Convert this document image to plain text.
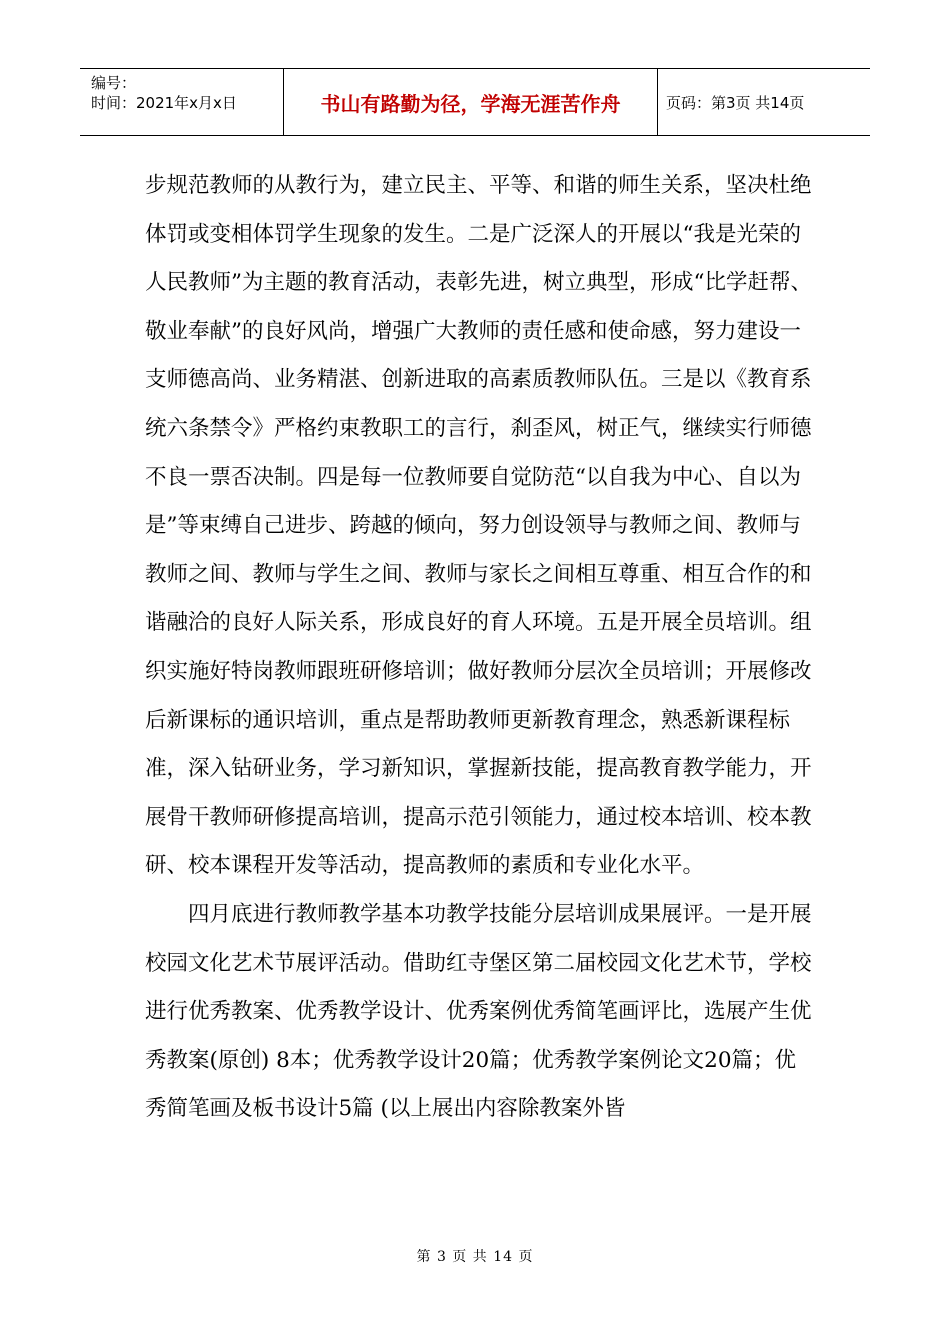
编号：
时间：2021年x月x日	书山有路勤为径，学海无涯苦作舟	页码：第3页 共14页

步规范教师的从教行为，建立民主、平等、和谐的师生关系，坚决杜绝体罚或变相体罚学生现象的发生。二是广泛深人的开展以“我是光荣的人民教师”为主题的教育活动，表彰先进，树立典型，形成“比学赶帮、敬业奉献”的良好风尚，增强广大教师的责任感和使命感，努力建设一支师德高尚、业务精湛、创新进取的高素质教师队伍。三是以《教育系统六条禁令》严格约束教职工的言行，刹歪风，树正气，继续实行师德不良一票否决制。四是每一位教师要自觉防范“以自我为中心、自以为是”等束缚自己进步、跨越的倾向，努力创设领导与教师之间、教师与教师之间、教师与学生之间、教师与家长之间相互尊重、相互合作的和谐融洽的良好人际关系，形成良好的育人环境。五是开展全员培训。组织实施好特岗教师跟班研修培训；做好教师分层次全员培训；开展修改后新课标的通识培训，重点是帮助教师更新教育理念，熟悉新课程标准，深入钻研业务，学习新知识，掌握新技能，提高教育教学能力，开展骨干教师研修提高培训，提高示范引领能力，通过校本培训、校本教研、校本课程开发等活动，提高教师的素质和专业化水平。

四月底进行教师教学基本功教学技能分层培训成果展评。一是开展校园文化艺术节展评活动。借助红寺堡区第二届校园文化艺术节，学校进行优秀教案、优秀教学设计、优秀案例优秀简笔画评比，选展产生优秀教案(原创) 8本；优秀教学设计20篇；优秀教学案例论文20篇；优秀简笔画及板书设计5篇 (以上展出内容除教案外皆

第 3 页 共 14 页
